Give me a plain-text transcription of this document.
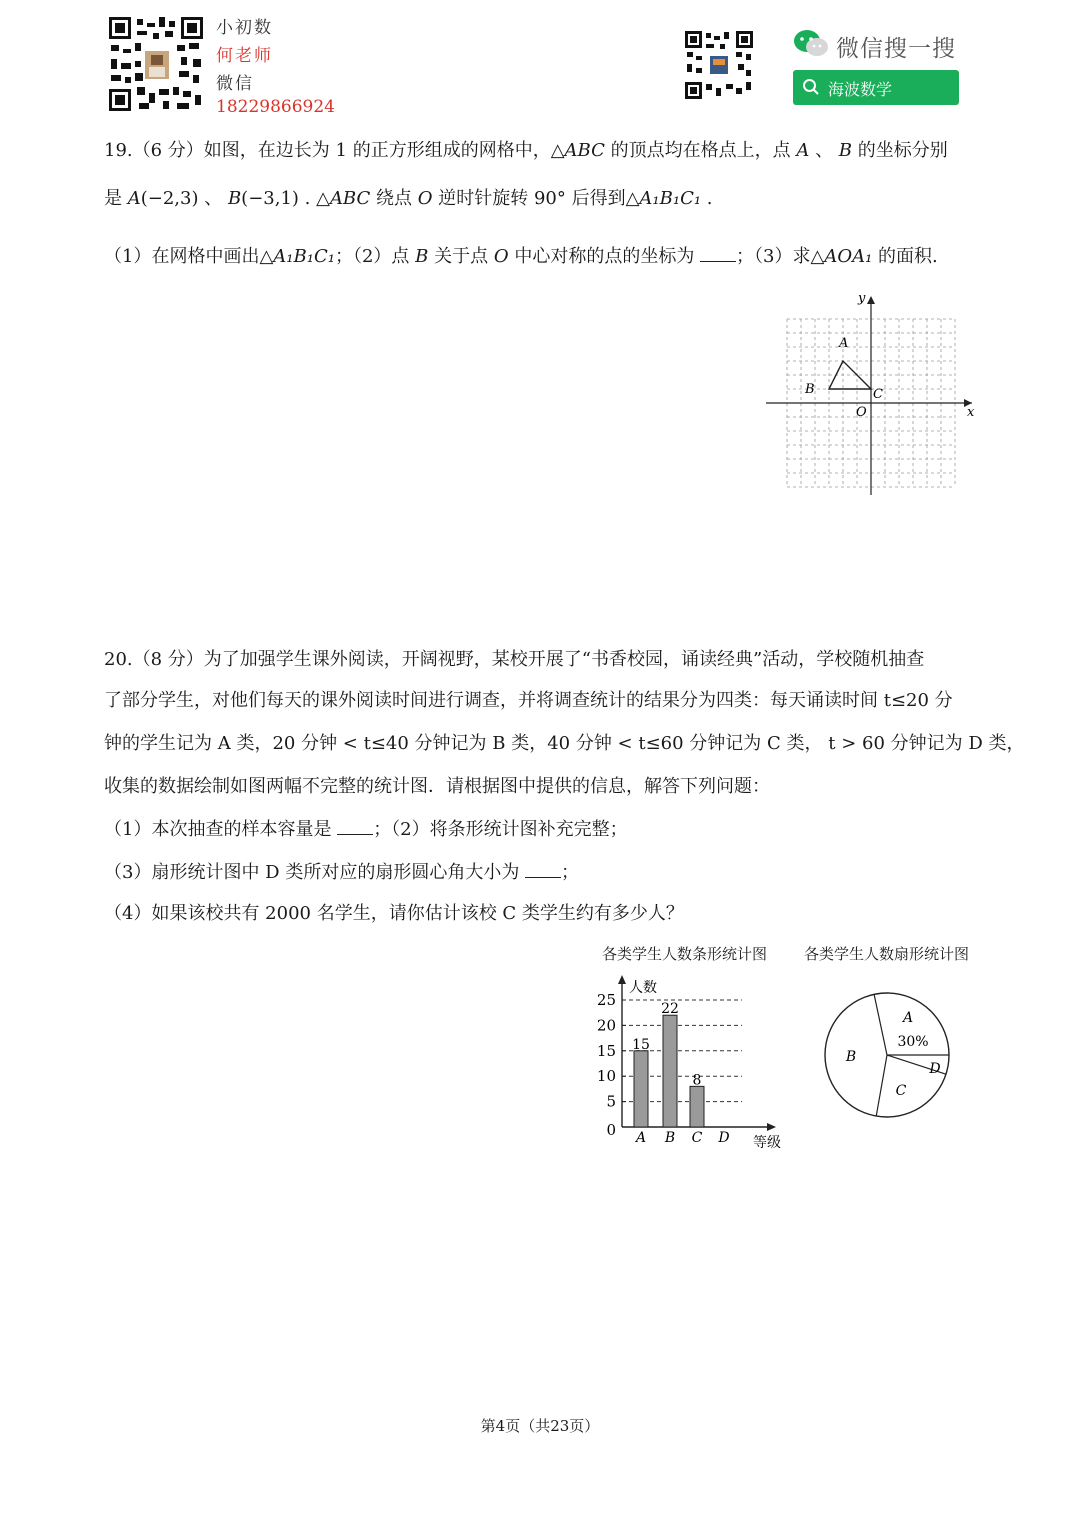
小初数
何老师
微信
18229866924
微信搜一搜
海波数学
19.（6 分）如图，在边长为 1 的正方形组成的网格中，△ABC 的顶点均在格点上，点 A 、 B 的坐标分别
是 A(−2,3) 、 B(−3,1) . △ABC 绕点 O 逆时针旋转 90° 后得到△A₁B₁C₁ .
（1）在网格中画出△A₁B₁C₁；（2）点 B 关于点 O 中心对称的点的坐标为 ；（3）求△AOA₁ 的面积.
y
x
A
B	C
O
20.（8 分）为了加强学生课外阅读，开阔视野，某校开展了“书香校园，诵读经典”活动，学校随机抽查
了部分学生，对他们每天的课外阅读时间进行调查，并将调查统计的结果分为四类：每天诵读时间 t≤20 分
钟的学生记为 A 类，20 分钟 < t≤40 分钟记为 B 类，40 分钟 < t≤60 分钟记为 C 类， t > 60 分钟记为 D 类，
收集的数据绘制如图两幅不完整的统计图．请根据图中提供的信息，解答下列问题：
（1）本次抽查的样本容量是 ；（2）将条形统计图补充完整；
（3）扇形统计图中 D 类所对应的扇形圆心角大小为 ；
（4）如果该校共有 2000 名学生，请你估计该校 C 类学生约有多少人？
各类学生人数条形统计图
0
5
10
15
20
25
人数
等级
15
A
22
B
8
C D
各类学生人数扇形统计图
A
30%
D
C
B
第4页（共23页）
